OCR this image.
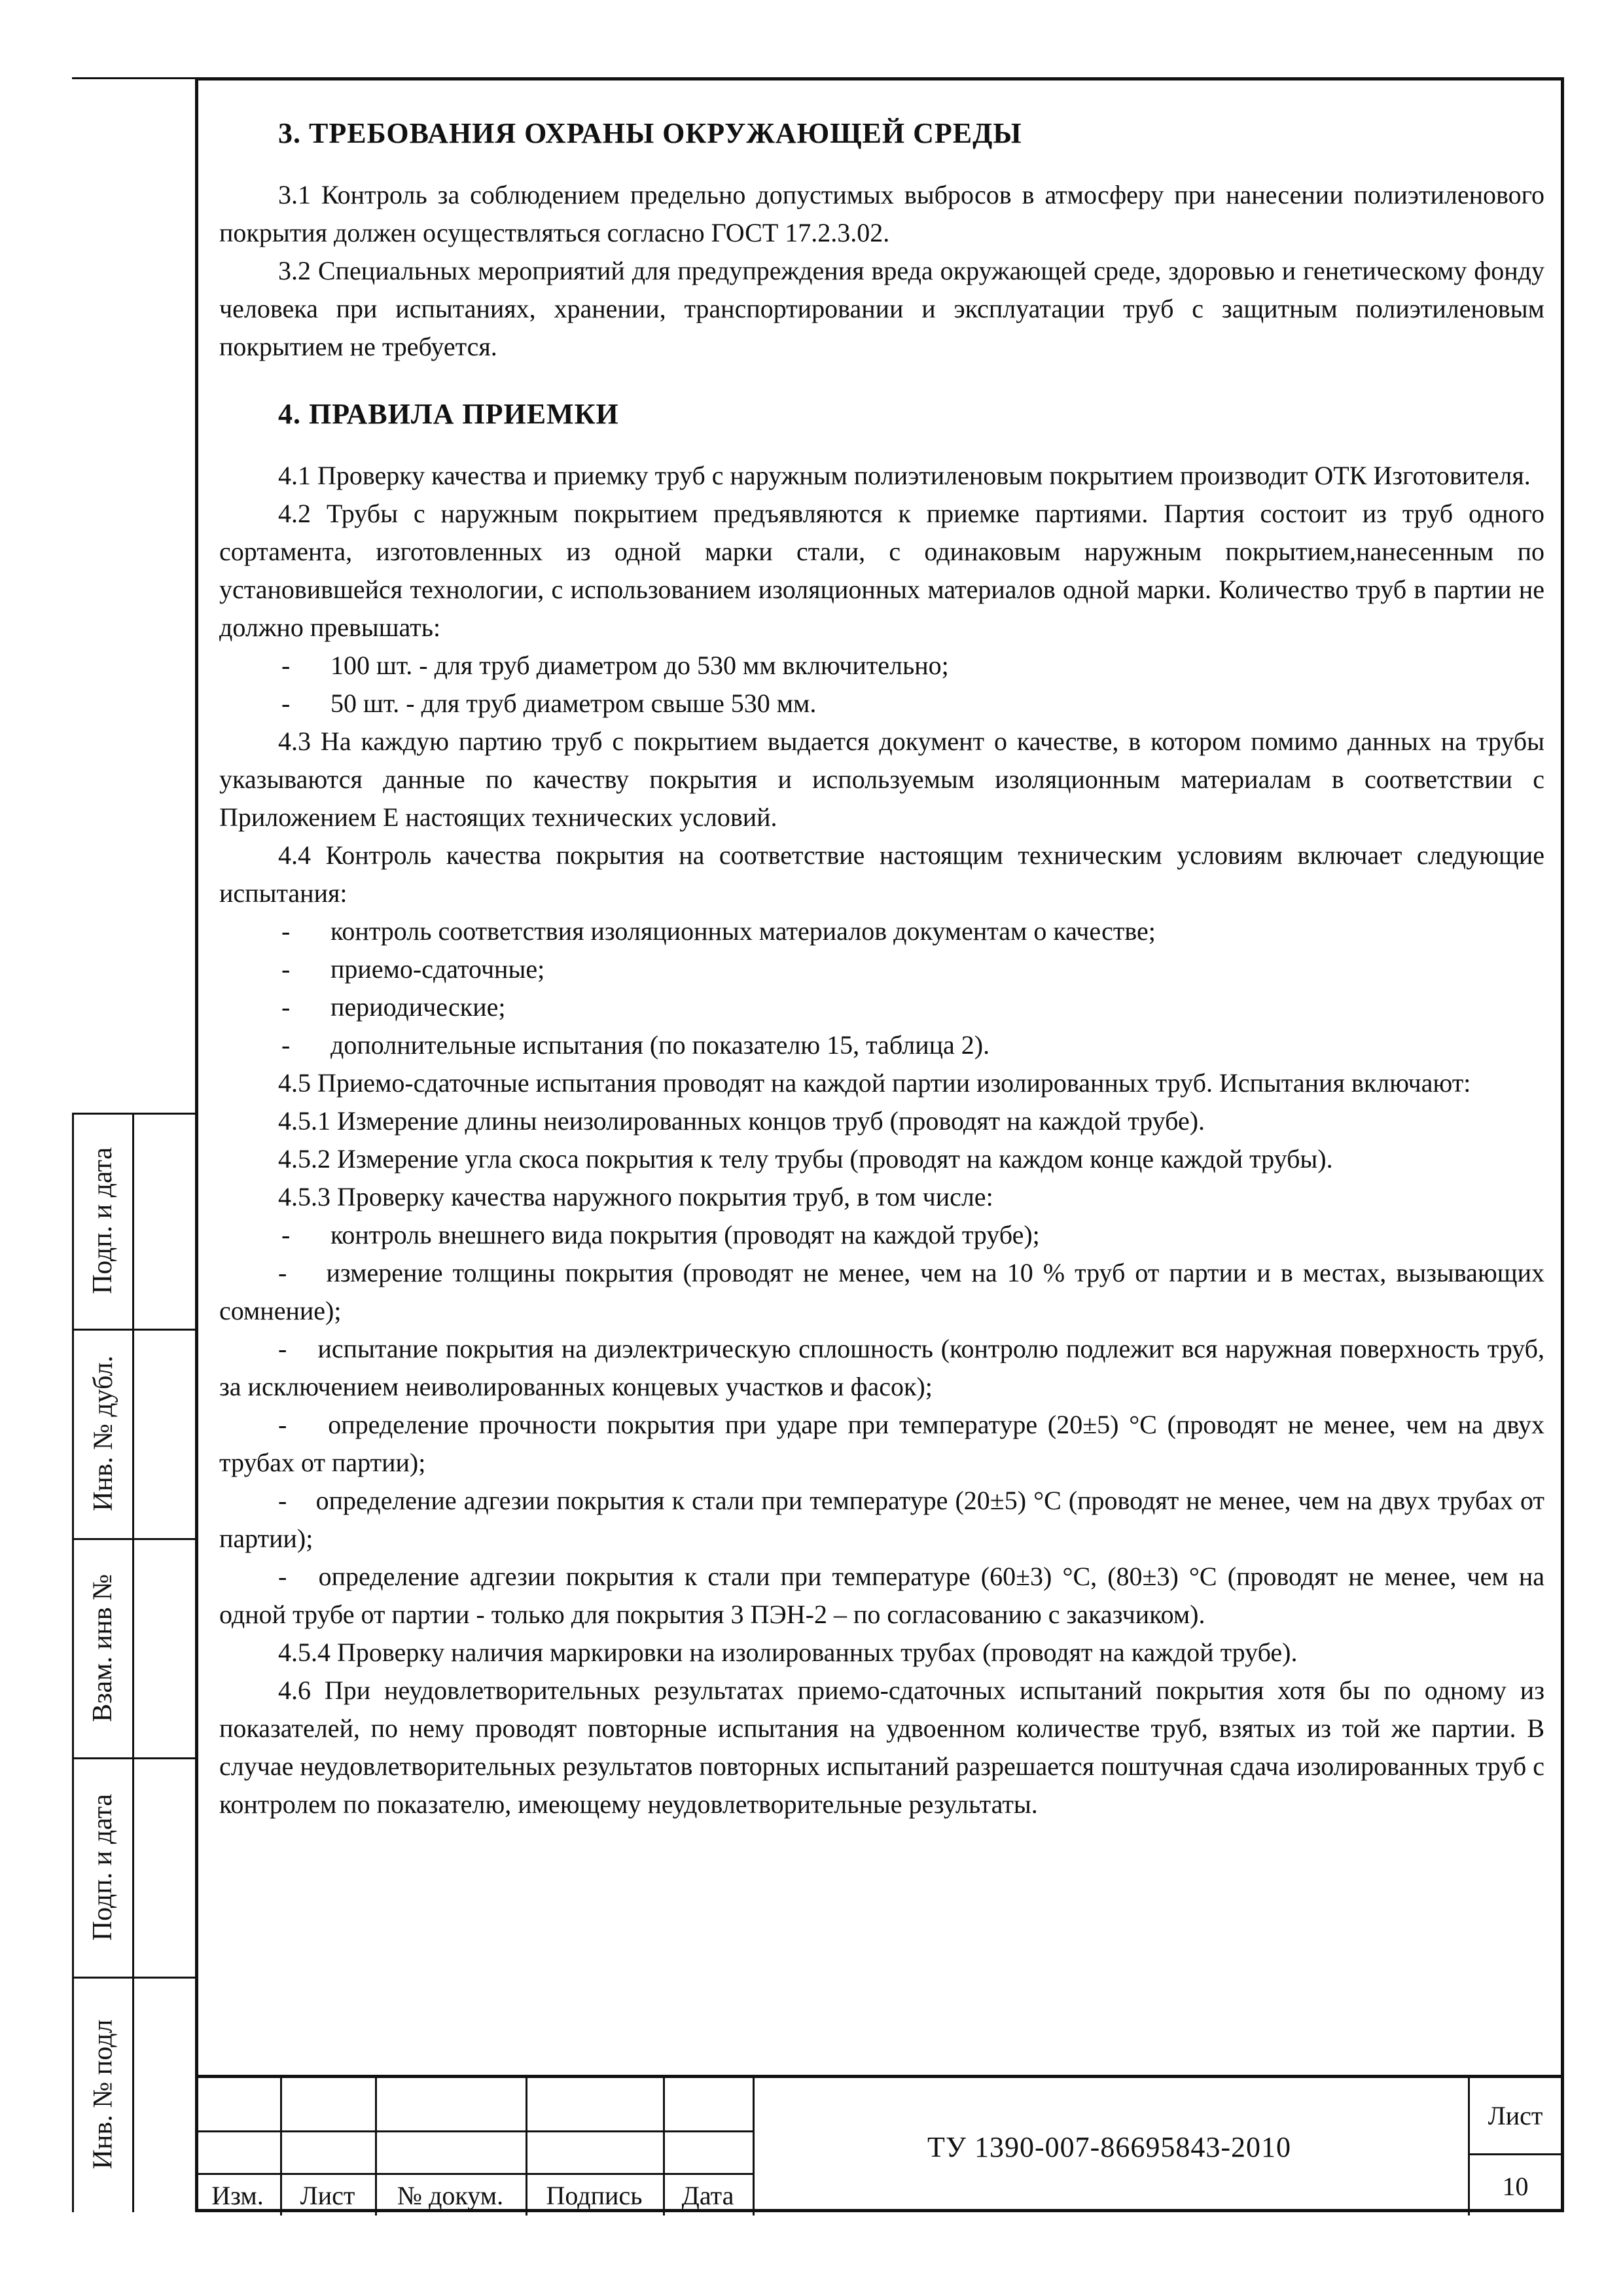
Подп. и дата
Инв. № дубл.
Взам. инв №
Подп. и дата
Инв. № подл
3. ТРЕБОВАНИЯ ОХРАНЫ ОКРУЖАЮЩЕЙ СРЕДЫ

3.1 Контроль за соблюдением предельно допустимых выбросов в атмосферу при нанесении полиэтиленового покрытия должен осуществляться согласно ГОСТ 17.2.3.02.

3.2 Специальных мероприятий для предупреждения вреда окружающей среде, здоровью и генетическому фонду человека при испытаниях, хранении, транспортировании и эксплуатации труб с защитным полиэтиленовым покрытием не требуется.

4. ПРАВИЛА ПРИЕМКИ

4.1 Проверку качества и приемку труб с наружным полиэтиленовым покрытием производит ОТК Изготовителя.

4.2 Трубы с наружным покрытием предъявляются к приемке партиями. Партия состоит из труб одного сортамента, изготовленных из одной марки стали, с одинаковым наружным покрытием,нанесенным по установившейся технологии, с использованием изоляционных материалов одной марки. Количество труб в партии не должно превышать:

- 100 шт. - для труб диаметром до 530 мм включительно;
- 50 шт. - для труб диаметром свыше 530 мм.

4.3 На каждую партию труб с покрытием выдается документ о качестве, в котором помимо данных на трубы указываются данные по качеству покрытия и используемым изоляционным материалам в соответствии с Приложением Е настоящих технических условий.

4.4 Контроль качества покрытия на соответствие настоящим техническим условиям включает следующие испытания:

- контроль соответствия изоляционных материалов документам о качестве;
- приемо-сдаточные;
- периодические;
- дополнительные испытания (по показателю 15, таблица 2).

4.5 Приемо-сдаточные испытания проводят на каждой партии изолированных труб. Испытания включают:

4.5.1 Измерение длины неизолированных концов труб (проводят на каждой трубе).

4.5.2 Измерение угла скоса покрытия к телу трубы (проводят на каждом конце каждой трубы).

4.5.3 Проверку качества наружного покрытия труб, в том числе:

- контроль внешнего вида покрытия (проводят на каждой трубе);

-    измерение толщины покрытия (проводят не менее, чем на 10 % труб от партии и в местах, вызывающих сомнение);

-    испытание покрытия на диэлектрическую сплошность (контролю подлежит вся наружная поверхность труб, за исключением неиволированных концевых участков и фасок);

-    определение прочности покрытия при ударе при температуре (20±5) °С (проводят не менее, чем на двух трубах от партии);

-    определение адгезии покрытия к стали при температуре (20±5) °С (проводят не менее, чем на двух трубах от партии);

-   определение адгезии покрытия к стали при температуре (60±3) °С, (80±3) °С (проводят не менее, чем на одной трубе от партии - только для покрытия 3 ПЭН-2 – по согласованию с заказчиком).

4.5.4 Проверку наличия маркировки на изолированных трубах (проводят на каждой трубе).

4.6 При неудовлетворительных результатах приемо-сдаточных испытаний покрытия хотя бы по одному из показателей, по нему проводят повторные испытания на удвоенном количестве труб, взятых из той же партии. В случае неудовлетворительных результатов повторных испытаний разрешается поштучная сдача изолированных труб с контролем по показателю, имеющему неудовлетворительные результаты.

Изм.	Лист	№ докум.	Подпись	Дата
ТУ 1390-007-86695843-2010
Лист
10
